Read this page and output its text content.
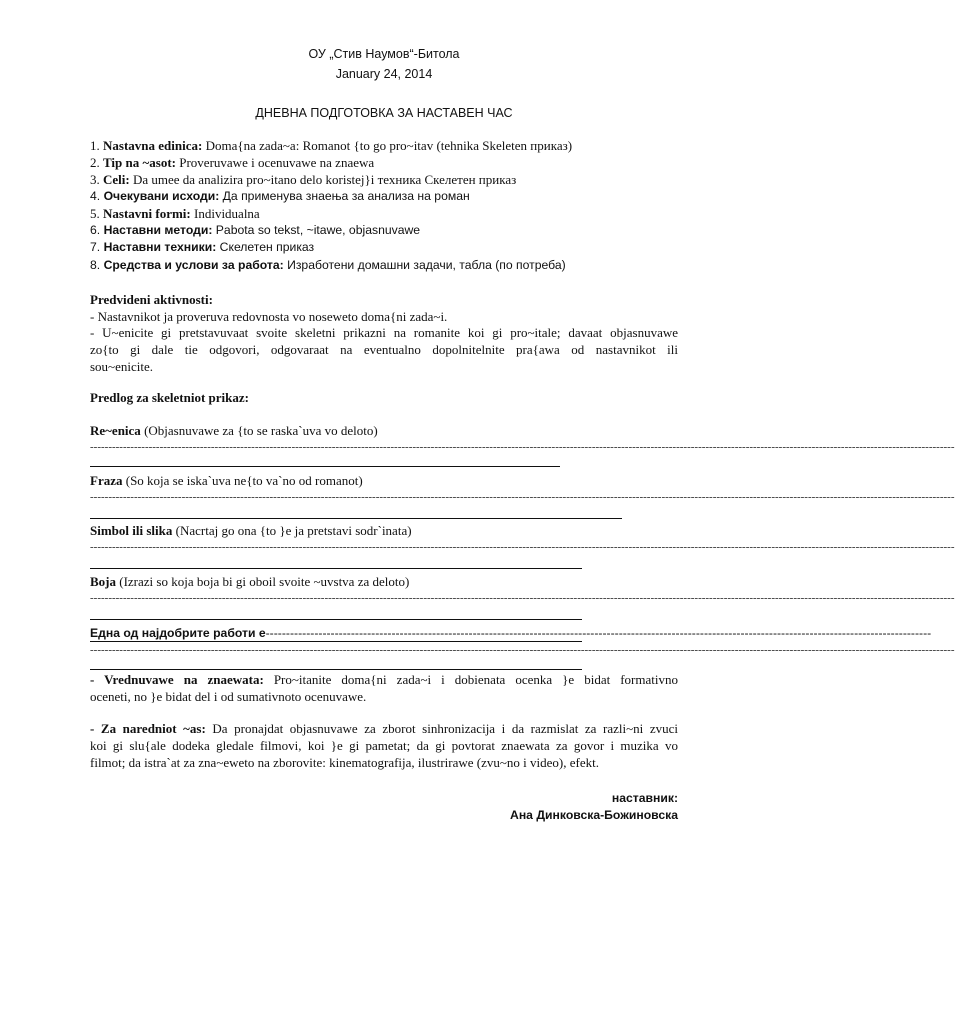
ОУ „Стив Наумов“-Битола
January 24, 2014
ДНЕВНА ПОДГОТОВКА ЗА НАСТАВЕН ЧАС
1. Nastavna edinica: Doma{na zada~a: Romanot {to go pro~itav (tehnika Skeleten приказ)
2. Tip na ~asot: Proveruvawe i ocenuvawe na znaewa
3. Celi: Da umee da analizira pro~itano delo koristej}i техника Скелетен приказ
4. Очекувани исходи: Да применува знаења за анализа на роман
5. Nastavni formi: Individualna
6. Наставни методи: Pabota so tekst, ~itawe, objasnuvawe
7. Наставни техники: Скелетен приказ
8. Средства и услови за работа: Изработени домашни задачи, табла (по потреба)
Predvideni aktivnosti:
- Nastavnikot ja proveruva redovnosta vo noseweto doma{ni zada~i.
- U~enicite gi pretstavuvaat svoite skeletni prikazni na romanite koi gi pro~itale; davaat objasnuvawe
zo{to gi dale tie odgovori, odgovaraat na eventualno dopolnitelnite pra{awa od nastavnikot ili
sou~enicite.
Predlog za skeletniot prikaz:
Re~enica (Objasnuvawe za {to se raska`uva vo deloto)
--------------------------------------------------------------------------------------------------------------------------------------------------------------------------------------------------------------------------------------------
Fraza (So koja se iska`uva ne{to va`no od romanot)
--------------------------------------------------------------------------------------------------------------------------------------------------------------------------------------------------------------------------------------------
Simbol ili slika (Nacrtaj go ona {to }e ja pretstavi sodr`inata)
--------------------------------------------------------------------------------------------------------------------------------------------------------------------------------------------------------------------------------------------
Boja (Izrazi so koja boja bi gi oboil svoite ~uvstva za deloto)
--------------------------------------------------------------------------------------------------------------------------------------------------------------------------------------------------------------------------------------------
Една од најдобрите работи е--------------------------------------------------------------------------------------------------------------------------------------------------------------------
--------------------------------------------------------------------------------------------------------------------------------------------------------------------------------------------------------------------------------------------
- Vrednuvawe na znaewata: Pro~itanite doma{ni zada~i i dobienata ocenka }e bidat formativno
oceneti, no }e bidat del i od sumativnoto ocenuvawe.
- Za naredniot ~as: Da pronajdat objasnuvawe za zborot sinhronizacija i da razmislat za razli~ni zvuci
koi gi slu{ale dodeka gledale filmovi, koi }e gi pametat; da gi povtorat znaewata za govor i muzika vo
filmot; da istra`at za zna~eweto na zborovite: kinematografija, ilustrirawe (zvu~no i video), efekt.
наставник:
Ана Динковска-Божиновска
